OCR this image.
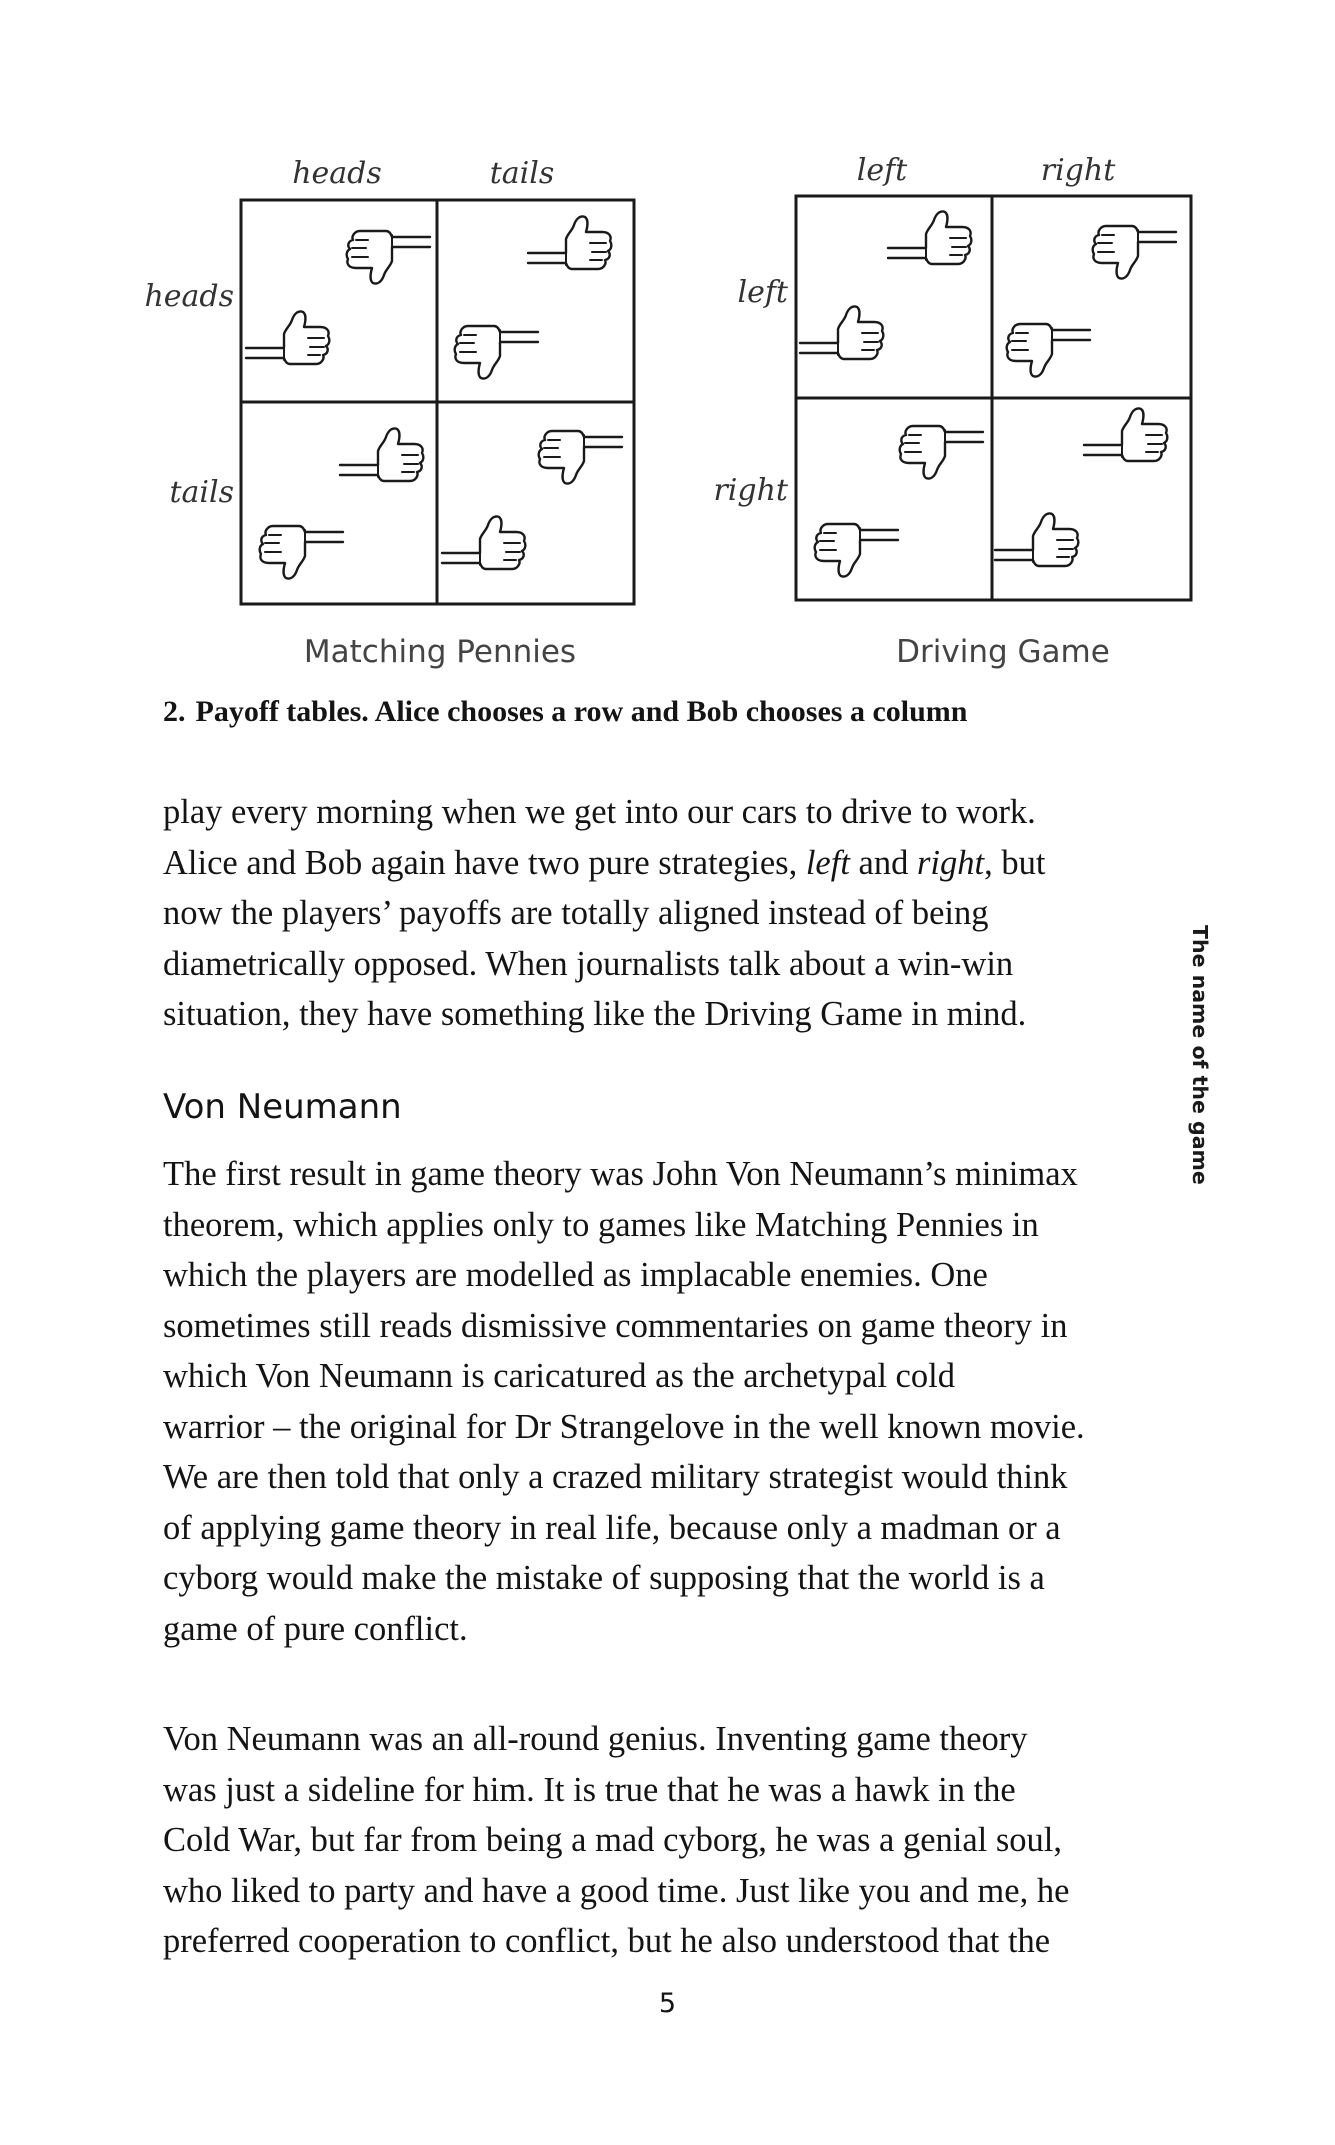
heads	tails
heads
tails
Matching Pennies
left	right
left
right
Driving Game

2. Payoff tables. Alice chooses a row and Bob chooses a column

play every morning when we get into our cars to drive to work.
Alice and Bob again have two pure strategies, left and right, but
now the players’ payoffs are totally aligned instead of being
diametrically opposed. When journalists talk about a win-win
situation, they have something like the Driving Game in mind.

Von Neumann

The first result in game theory was John Von Neumann’s minimax
theorem, which applies only to games like Matching Pennies in
which the players are modelled as implacable enemies. One
sometimes still reads dismissive commentaries on game theory in
which Von Neumann is caricatured as the archetypal cold
warrior – the original for Dr Strangelove in the well known movie.
We are then told that only a crazed military strategist would think
of applying game theory in real life, because only a madman or a
cyborg would make the mistake of supposing that the world is a
game of pure conflict.

Von Neumann was an all-round genius. Inventing game theory
was just a sideline for him. It is true that he was a hawk in the
Cold War, but far from being a mad cyborg, he was a genial soul,
who liked to party and have a good time. Just like you and me, he
preferred cooperation to conflict, but he also understood that the

The name of the game
5
